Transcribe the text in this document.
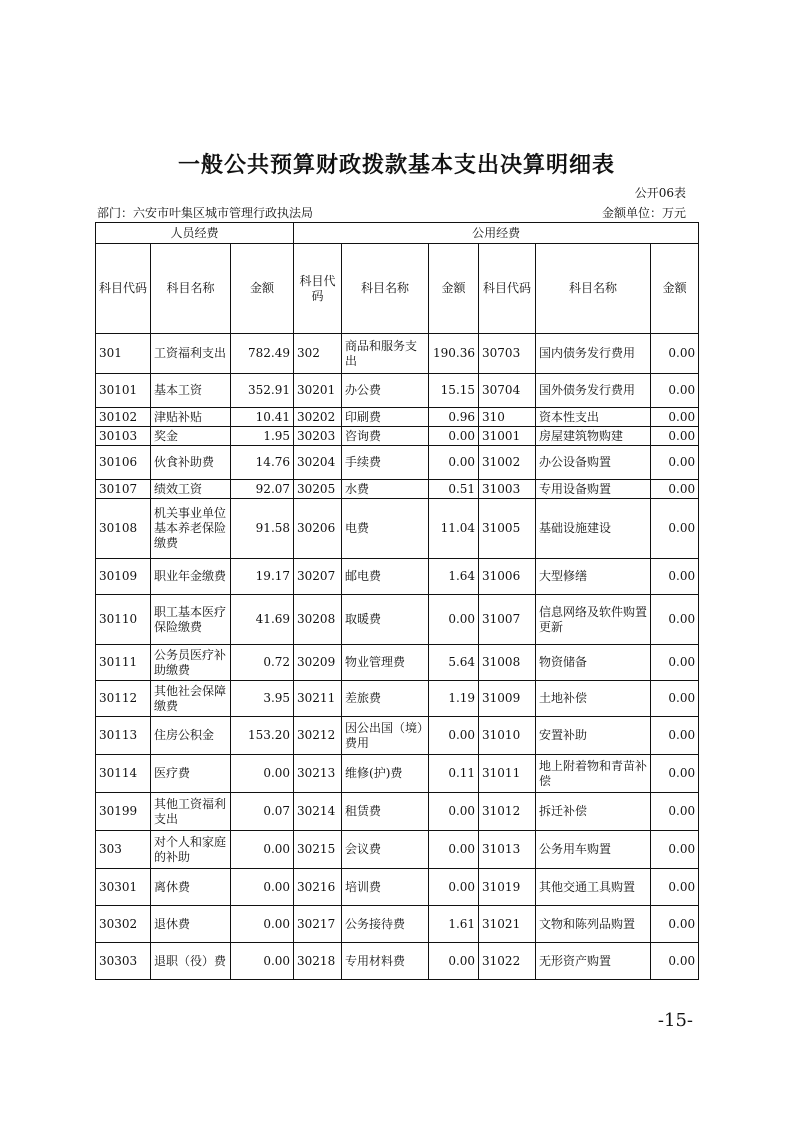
一般公共预算财政拨款基本支出决算明细表
公开06表
部门：六安市叶集区城市管理行政执法局	金额单位：万元
人员经费			公用经费					
科目代码	科目名称	金额	科目代码	科目名称	金额	科目代码	科目名称	金额
301	工资福利支出	782.49	302	商品和服务支出	190.36	30703	国内债务发行费用	0.00
30101	基本工资	352.91	30201	办公费	15.15	30704	国外债务发行费用	0.00
30102	津贴补贴	10.41	30202	印刷费	0.96	310	资本性支出	0.00
30103	奖金	1.95	30203	咨询费	0.00	31001	房屋建筑物购建	0.00
30106	伙食补助费	14.76	30204	手续费	0.00	31002	办公设备购置	0.00
30107	绩效工资	92.07	30205	水费	0.51	31003	专用设备购置	0.00
30108	机关事业单位基本养老保险缴费	91.58	30206	电费	11.04	31005	基础设施建设	0.00
30109	职业年金缴费	19.17	30207	邮电费	1.64	31006	大型修缮	0.00
30110	职工基本医疗保险缴费	41.69	30208	取暖费	0.00	31007	信息网络及软件购置更新	0.00
30111	公务员医疗补助缴费	0.72	30209	物业管理费	5.64	31008	物资储备	0.00
30112	其他社会保障缴费	3.95	30211	差旅费	1.19	31009	土地补偿	0.00
30113	住房公积金	153.20	30212	因公出国（境）费用	0.00	31010	安置补助	0.00
30114	医疗费	0.00	30213	维修(护)费	0.11	31011	地上附着物和青苗补偿	0.00
30199	其他工资福利支出	0.07	30214	租赁费	0.00	31012	拆迁补偿	0.00
303	对个人和家庭的补助	0.00	30215	会议费	0.00	31013	公务用车购置	0.00
30301	离休费	0.00	30216	培训费	0.00	31019	其他交通工具购置	0.00
30302	退休费	0.00	30217	公务接待费	1.61	31021	文物和陈列品购置	0.00
30303	退职（役）费	0.00	30218	专用材料费	0.00	31022	无形资产购置	0.00
-15-
